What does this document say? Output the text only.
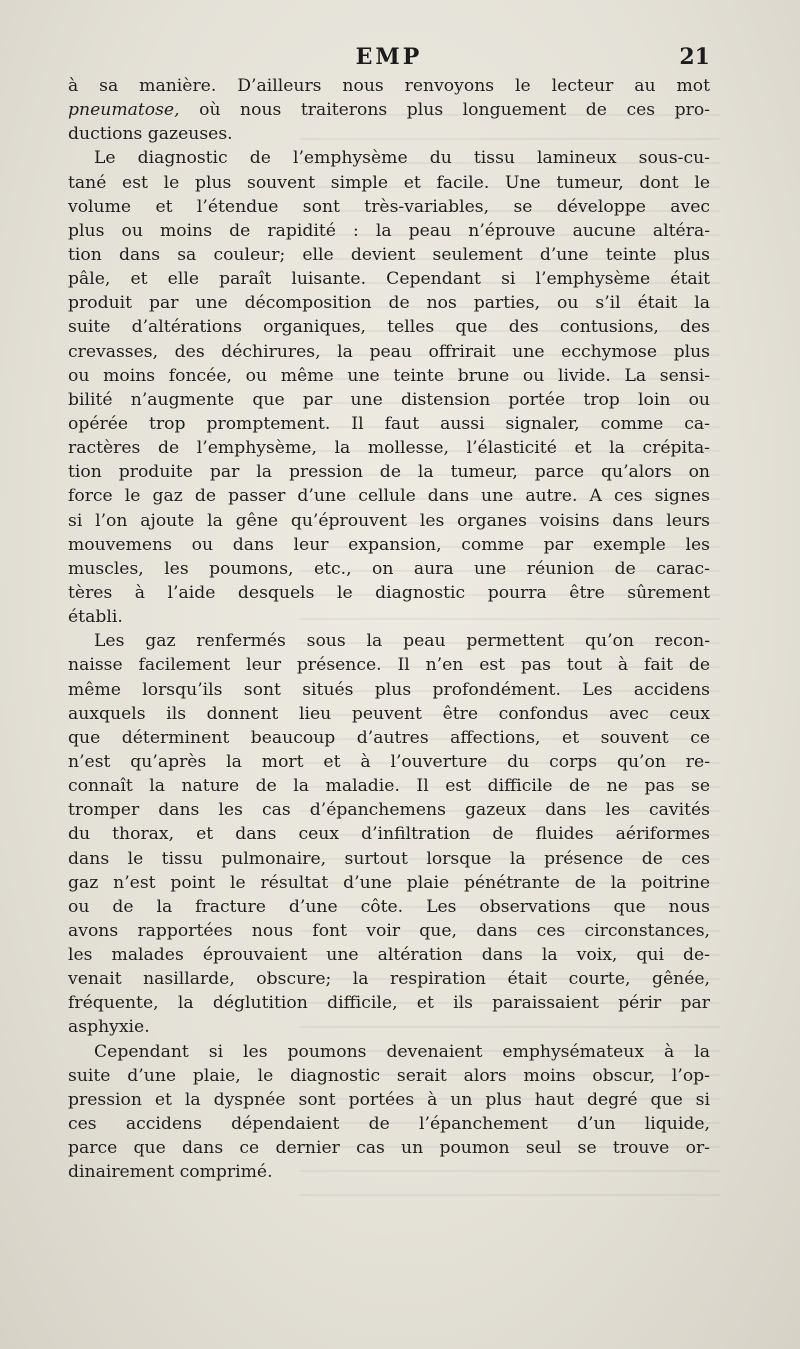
EMP	21
à sa manière. D’ailleurs nous renvoyons le lecteur au mot
pneumatose, où nous traiterons plus longuement de ces pro-
ductions gazeuses.
Le diagnostic de l’emphysème du tissu lamineux sous-cu-
tané est le plus souvent simple et facile. Une tumeur, dont le
volume et l’étendue sont très-variables, se développe avec
plus ou moins de rapidité : la peau n’éprouve aucune altéra-
tion dans sa couleur; elle devient seulement d’une teinte plus
pâle, et elle paraît luisante. Cependant si l’emphysème était
produit par une décomposition de nos parties, ou s’il était la
suite d’altérations organiques, telles que des contusions, des
crevasses, des déchirures, la peau offrirait une ecchymose plus
ou moins foncée, ou même une teinte brune ou livide. La sensi-
bilité n’augmente que par une distension portée trop loin ou
opérée trop promptement. Il faut aussi signaler, comme ca-
ractères de l’emphysème, la mollesse, l’élasticité et la crépita-
tion produite par la pression de la tumeur, parce qu’alors on
force le gaz de passer d’une cellule dans une autre. A ces signes
si l’on ajoute la gêne qu’éprouvent les organes voisins dans leurs
mouvemens ou dans leur expansion, comme par exemple les
muscles, les poumons, etc., on aura une réunion de carac-
tères à l’aide desquels le diagnostic pourra être sûrement
établi.
Les gaz renfermés sous la peau permettent qu’on recon-
naisse facilement leur présence. Il n’en est pas tout à fait de
même lorsqu’ils sont situés plus profondément. Les accidens
auxquels ils donnent lieu peuvent être confondus avec ceux
que déterminent beaucoup d’autres affections, et souvent ce
n’est qu’après la mort et à l’ouverture du corps qu’on re-
connaît la nature de la maladie. Il est difficile de ne pas se
tromper dans les cas d’épanchemens gazeux dans les cavités
du thorax, et dans ceux d’infiltration de fluides aériformes
dans le tissu pulmonaire, surtout lorsque la présence de ces
gaz n’est point le résultat d’une plaie pénétrante de la poitrine
ou de la fracture d’une côte. Les observations que nous
avons rapportées nous font voir que, dans ces circonstances,
les malades éprouvaient une altération dans la voix, qui de-
venait nasillarde, obscure; la respiration était courte, gênée,
fréquente, la déglutition difficile, et ils paraissaient périr par
asphyxie.
Cependant si les poumons devenaient emphysémateux à la
suite d’une plaie, le diagnostic serait alors moins obscur, l’op-
pression et la dyspnée sont portées à un plus haut degré que si
ces accidens dépendaient de l’épanchement d’un liquide,
parce que dans ce dernier cas un poumon seul se trouve or-
dinairement comprimé.
